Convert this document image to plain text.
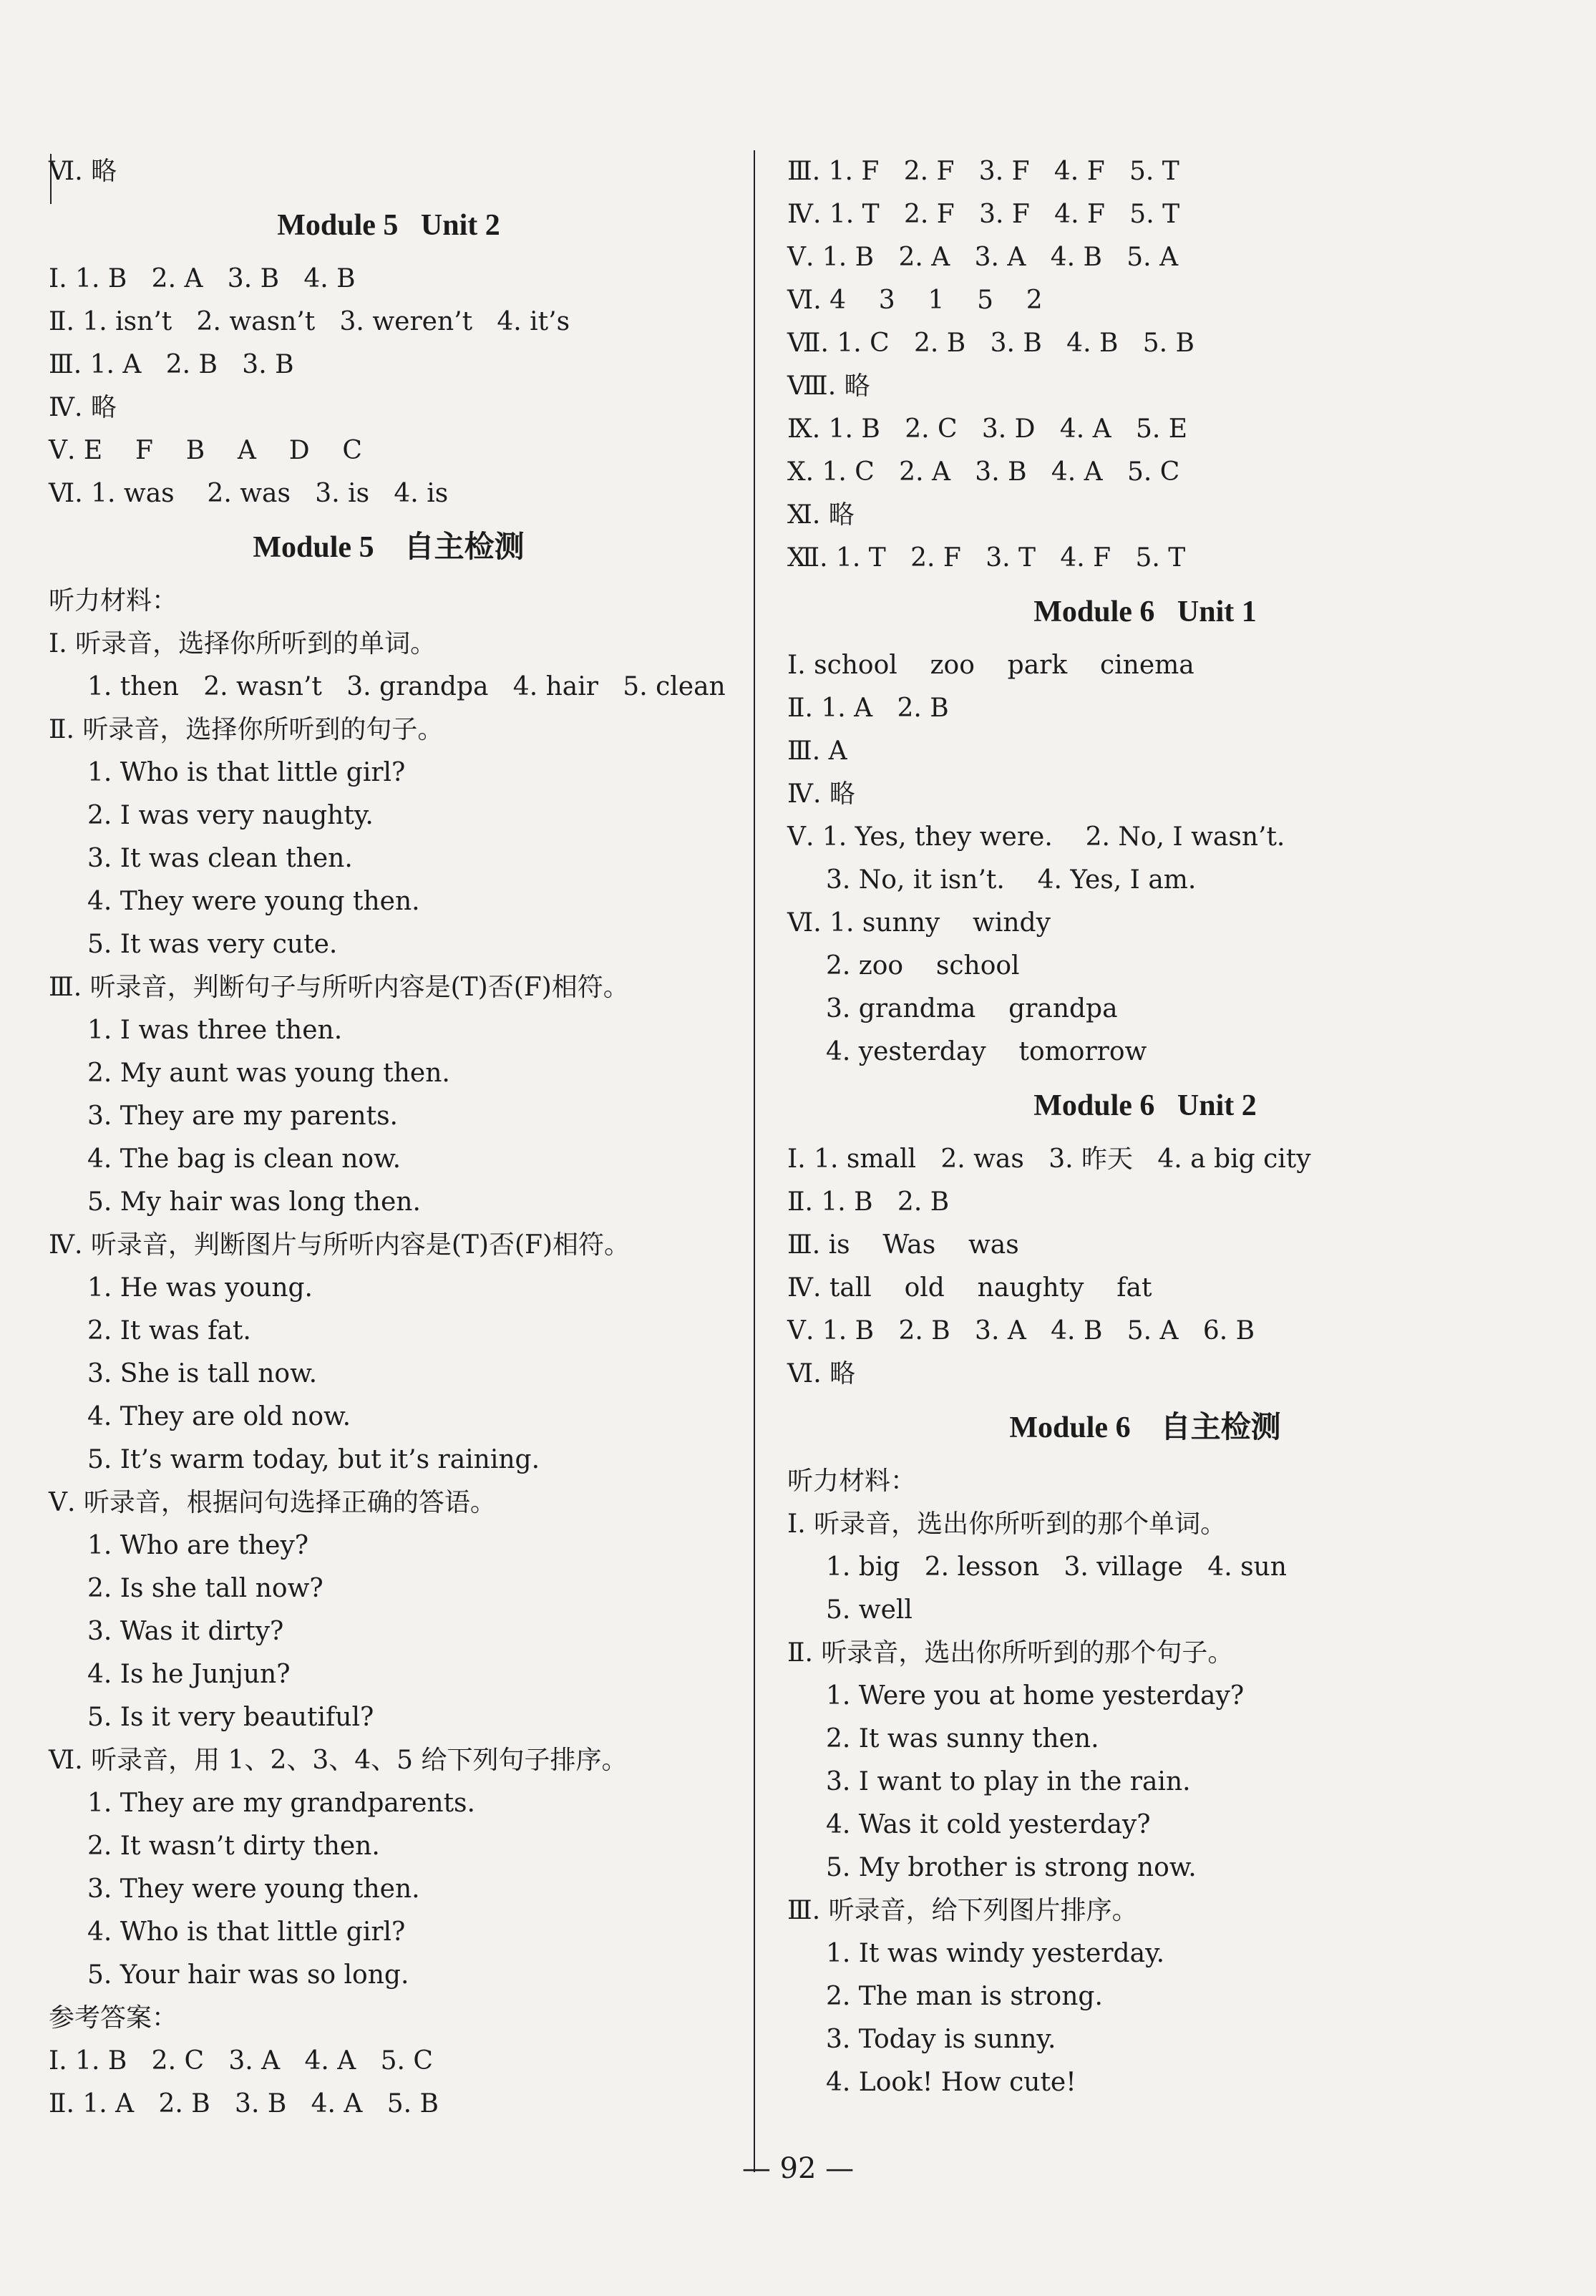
Ⅵ. 略
Module 5   Unit 2
Ⅰ. 1. B   2. A   3. B   4. B
Ⅱ. 1. isn’t   2. wasn’t   3. weren’t   4. it’s
Ⅲ. 1. A   2. B   3. B
Ⅳ. 略
Ⅴ. E    F    B    A    D    C
Ⅵ. 1. was    2. was   3. is   4. is
Module 5    自主检测
听力材料：
Ⅰ. 听录音，选择你所听到的单词。
1. then   2. wasn’t   3. grandpa   4. hair   5. clean
Ⅱ. 听录音，选择你所听到的句子。
1. Who is that little girl?
2. I was very naughty.
3. It was clean then.
4. They were young then.
5. It was very cute.
Ⅲ. 听录音，判断句子与所听内容是(T)否(F)相符。
1. I was three then.
2. My aunt was young then.
3. They are my parents.
4. The bag is clean now.
5. My hair was long then.
Ⅳ. 听录音，判断图片与所听内容是(T)否(F)相符。
1. He was young.
2. It was fat.
3. She is tall now.
4. They are old now.
5. It’s warm today, but it’s raining.
Ⅴ. 听录音，根据问句选择正确的答语。
1. Who are they?
2. Is she tall now?
3. Was it dirty?
4. Is he Junjun?
5. Is it very beautiful?
Ⅵ. 听录音，用 1、2、3、4、5 给下列句子排序。
1. They are my grandparents.
2. It wasn’t dirty then.
3. They were young then.
4. Who is that little girl?
5. Your hair was so long.
参考答案：
Ⅰ. 1. B   2. C   3. A   4. A   5. C
Ⅱ. 1. A   2. B   3. B   4. A   5. B
Ⅲ. 1. F   2. F   3. F   4. F   5. T
Ⅳ. 1. T   2. F   3. F   4. F   5. T
Ⅴ. 1. B   2. A   3. A   4. B   5. A
Ⅵ. 4    3    1    5    2
Ⅶ. 1. C   2. B   3. B   4. B   5. B
Ⅷ. 略
Ⅸ. 1. B   2. C   3. D   4. A   5. E
Ⅹ. 1. C   2. A   3. B   4. A   5. C
Ⅺ. 略
Ⅻ. 1. T   2. F   3. T   4. F   5. T
Module 6   Unit 1
Ⅰ. school    zoo    park    cinema
Ⅱ. 1. A   2. B
Ⅲ. A
Ⅳ. 略
Ⅴ. 1. Yes, they were.    2. No, I wasn’t.
3. No, it isn’t.    4. Yes, I am.
Ⅵ. 1. sunny    windy
2. zoo    school
3. grandma    grandpa
4. yesterday    tomorrow
Module 6   Unit 2
Ⅰ. 1. small   2. was   3. 昨天   4. a big city
Ⅱ. 1. B   2. B
Ⅲ. is    Was    was
Ⅳ. tall    old    naughty    fat
Ⅴ. 1. B   2. B   3. A   4. B   5. A   6. B
Ⅵ. 略
Module 6    自主检测
听力材料：
Ⅰ. 听录音，选出你所听到的那个单词。
1. big   2. lesson   3. village   4. sun
5. well
Ⅱ. 听录音，选出你所听到的那个句子。
1. Were you at home yesterday?
2. It was sunny then.
3. I want to play in the rain.
4. Was it cold yesterday?
5. My brother is strong now.
Ⅲ. 听录音，给下列图片排序。
1. It was windy yesterday.
2. The man is strong.
3. Today is sunny.
4. Look! How cute!
— 92 —
